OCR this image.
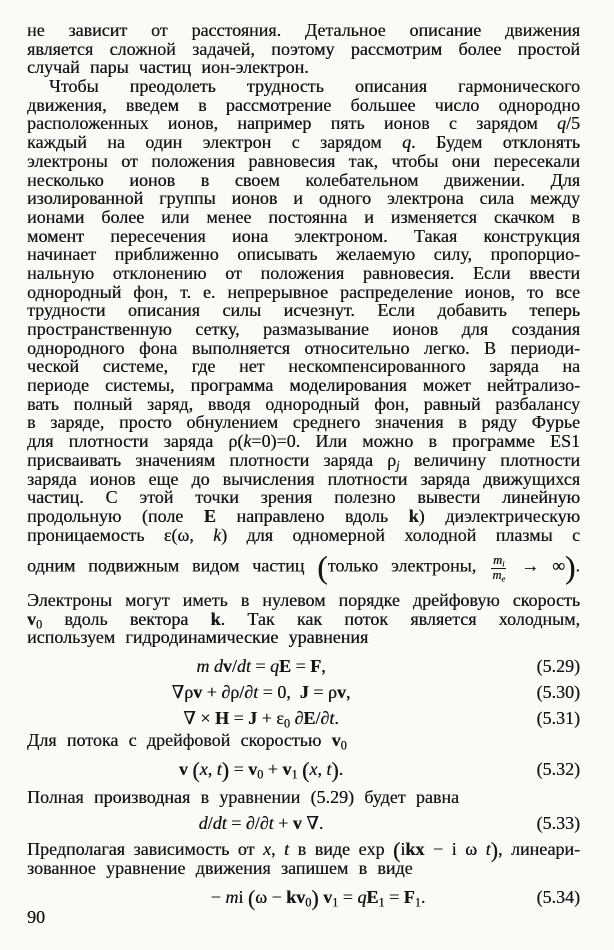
не зависит от расстояния. Детальное описание движения
является сложной задачей, поэтому рассмотрим более простой
случай пары частиц ион-электрон.
Чтобы преодолеть трудность описания гармонического
движения, введем в рассмотрение большее число однородно
расположенных ионов, например пять ионов с зарядом q/5
каждый на один электрон с зарядом q. Будем отклонять
электроны от положения равновесия так, чтобы они пересекали
несколько ионов в своем колебательном движении. Для
изолированной группы ионов и одного электрона сила между
ионами более или менее постоянна и изменяется скачком в
момент пересечения иона электроном. Такая конструкция
начинает приближенно описывать желаемую силу, пропорцио-
нальную отклонению от положения равновесия. Если ввести
однородный фон, т. е. непрерывное распределение ионов, то все
трудности описания силы исчезнут. Если добавить теперь
пространственную сетку, размазывание ионов для создания
однородного фона выполняется относительно легко. В периоди-
ческой системе, где нет нескомпенсированного заряда на
периоде системы, программа моделирования может нейтрализо-
вать полный заряд, вводя однородный фон, равный разбалансу
в заряде, просто обнулением среднего значения в ряду Фурье
для плотности заряда ρ(k=0)=0. Или можно в программе ES1
присваивать значениям плотности заряда $\rho_j$ величину плотности
заряда ионов еще до вычисления плотности заряда движущихся
частиц. С этой точки зрения полезно вывести линейную
продольную (поле E направлено вдоль k) диэлектрическую
проницаемость ε(ω, k) для одномерной холодной плазмы с
одним подвижным видом частиц (только электроны, $\frac{m_i}{m_e}$ → ∞).
Электроны могут иметь в нулевом порядке дрейфовую скорость
$v_0$ вдоль вектора k. Так как поток является холодным,
используем гидродинамические уравнения
m dv/dt = qE = F,	(5.29)
∇ρv + ∂ρ/∂t = 0,  J = ρv,	(5.30)
∇ × $H = J + \varepsilon_0$ ∂E/∂t.	(5.31)
Для потока с дрейфовой скоростью $v_0$
v (x, $t) = v_0 + v_1$ (x, t).	(5.32)
Полная производная в уравнении (5.29) будет равна
d/dt = ∂/∂t + v ∇.	(5.33)
Предполагая зависимость от x, t в виде exp (ikx − i ω t), линеари-
зованное уравнение движения запишем в виде
− mi $(\omega - kv_0)$ $v_1 = qE_1 = F_1$.	(5.34)
90
